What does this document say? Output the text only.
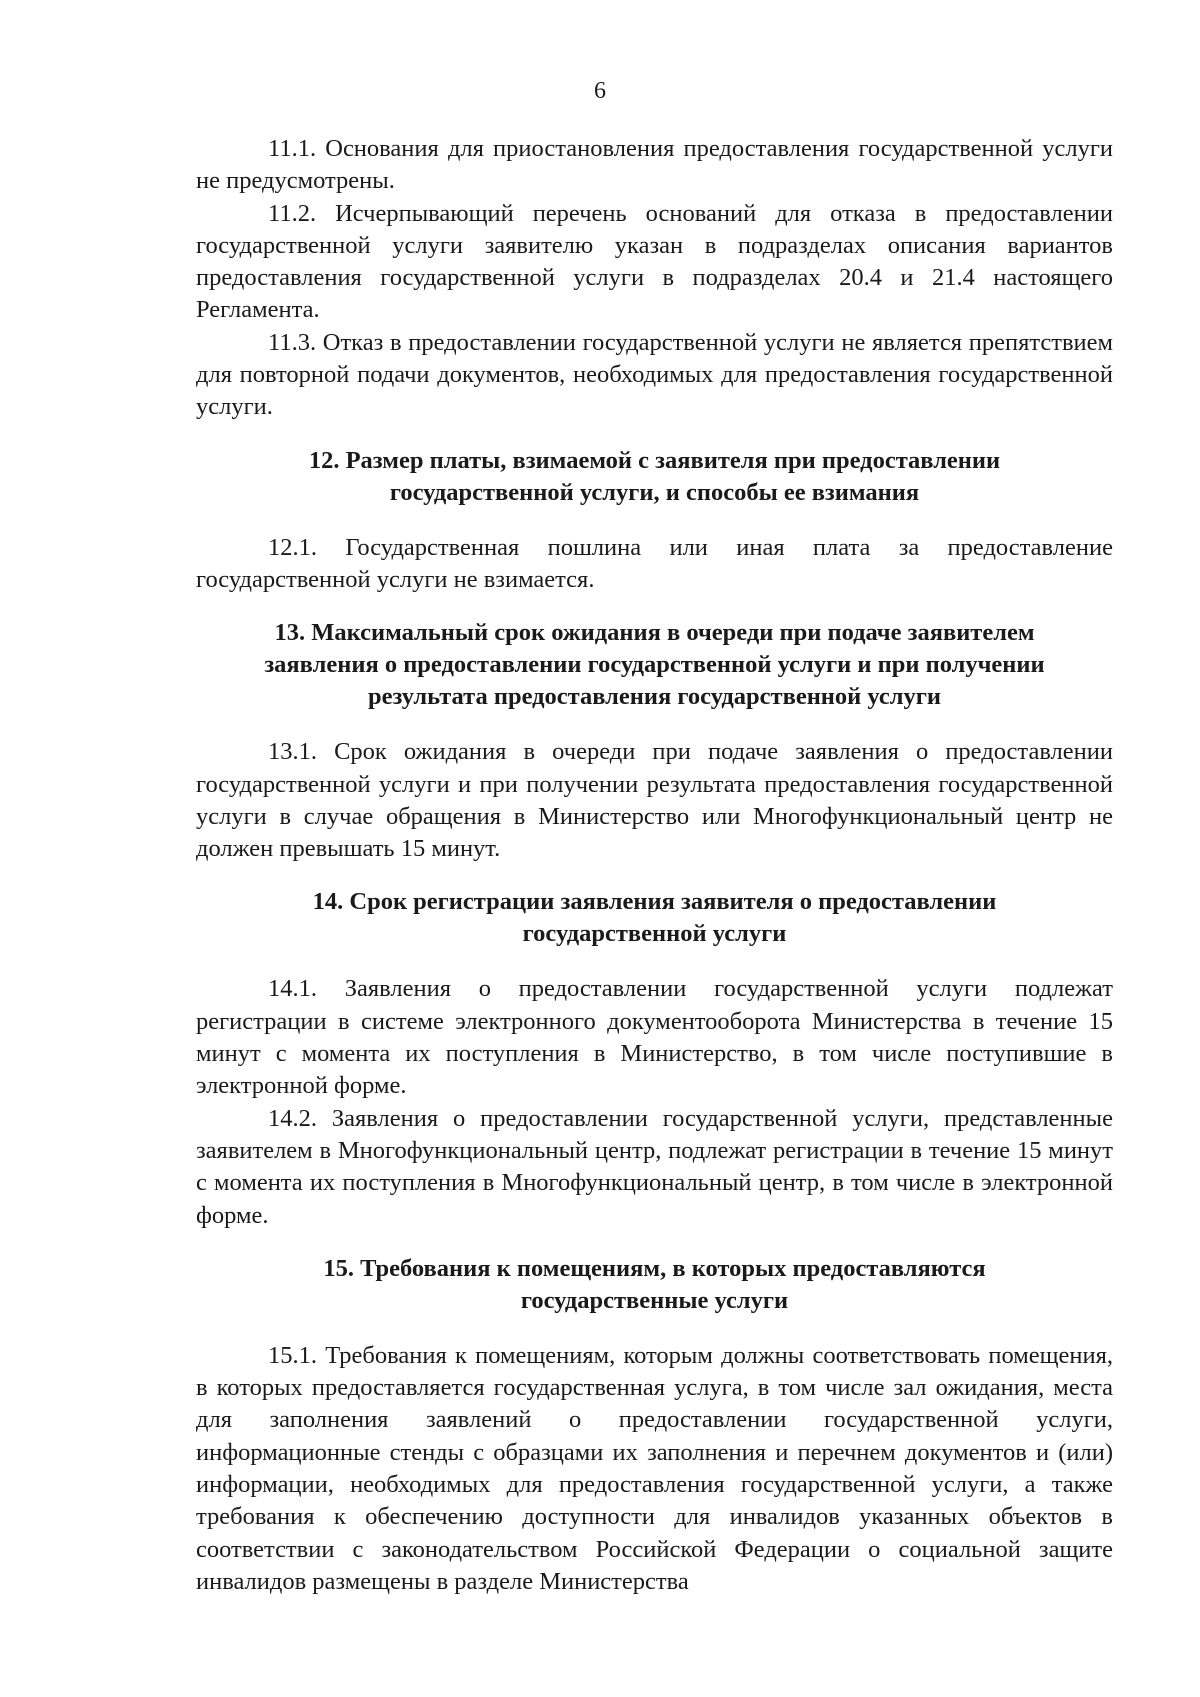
6

11.1. Основания для приостановления предоставления государственной услуги не предусмотрены.

11.2. Исчерпывающий перечень оснований для отказа в предоставлении государственной услуги заявителю указан в подразделах описания вариантов предоставления государственной услуги в подразделах 20.4 и 21.4 настоящего Регламента.

11.3. Отказ в предоставлении государственной услуги не является препятствием для повторной подачи документов, необходимых для предоставления государственной услуги.

12. Размер платы, взимаемой с заявителя при предоставлении
государственной услуги, и способы ее взимания

12.1. Государственная пошлина или иная плата за предоставление государственной услуги не взимается.

13. Максимальный срок ожидания в очереди при подаче заявителем
заявления о предоставлении государственной услуги и при получении
результата предоставления государственной услуги

13.1. Срок ожидания в очереди при подаче заявления о предоставлении государственной услуги и при получении результата предоставления государственной услуги в случае обращения в Министерство или Многофункциональный центр не должен превышать 15 минут.

14. Срок регистрации заявления заявителя о предоставлении
государственной услуги

14.1. Заявления о предоставлении государственной услуги подлежат регистрации в системе электронного документооборота Министерства в течение 15 минут с момента их поступления в Министерство, в том числе поступившие в электронной форме.

14.2. Заявления о предоставлении государственной услуги, представленные заявителем в Многофункциональный центр, подлежат регистрации в течение 15 минут с момента их поступления в Многофункциональный центр, в том числе в электронной форме.

15. Требования к помещениям, в которых предоставляются
государственные услуги

15.1. Требования к помещениям, которым должны соответствовать помещения, в которых предоставляется государственная услуга, в том числе зал ожидания, места для заполнения заявлений о предоставлении государственной услуги, информационные стенды с образцами их заполнения и перечнем документов и (или) информации, необходимых для предоставления государственной услуги, а также требования к обеспечению доступности для инвалидов указанных объектов в соответствии с законодательством Российской Федерации о социальной защите инвалидов размещены в разделе Министерства
